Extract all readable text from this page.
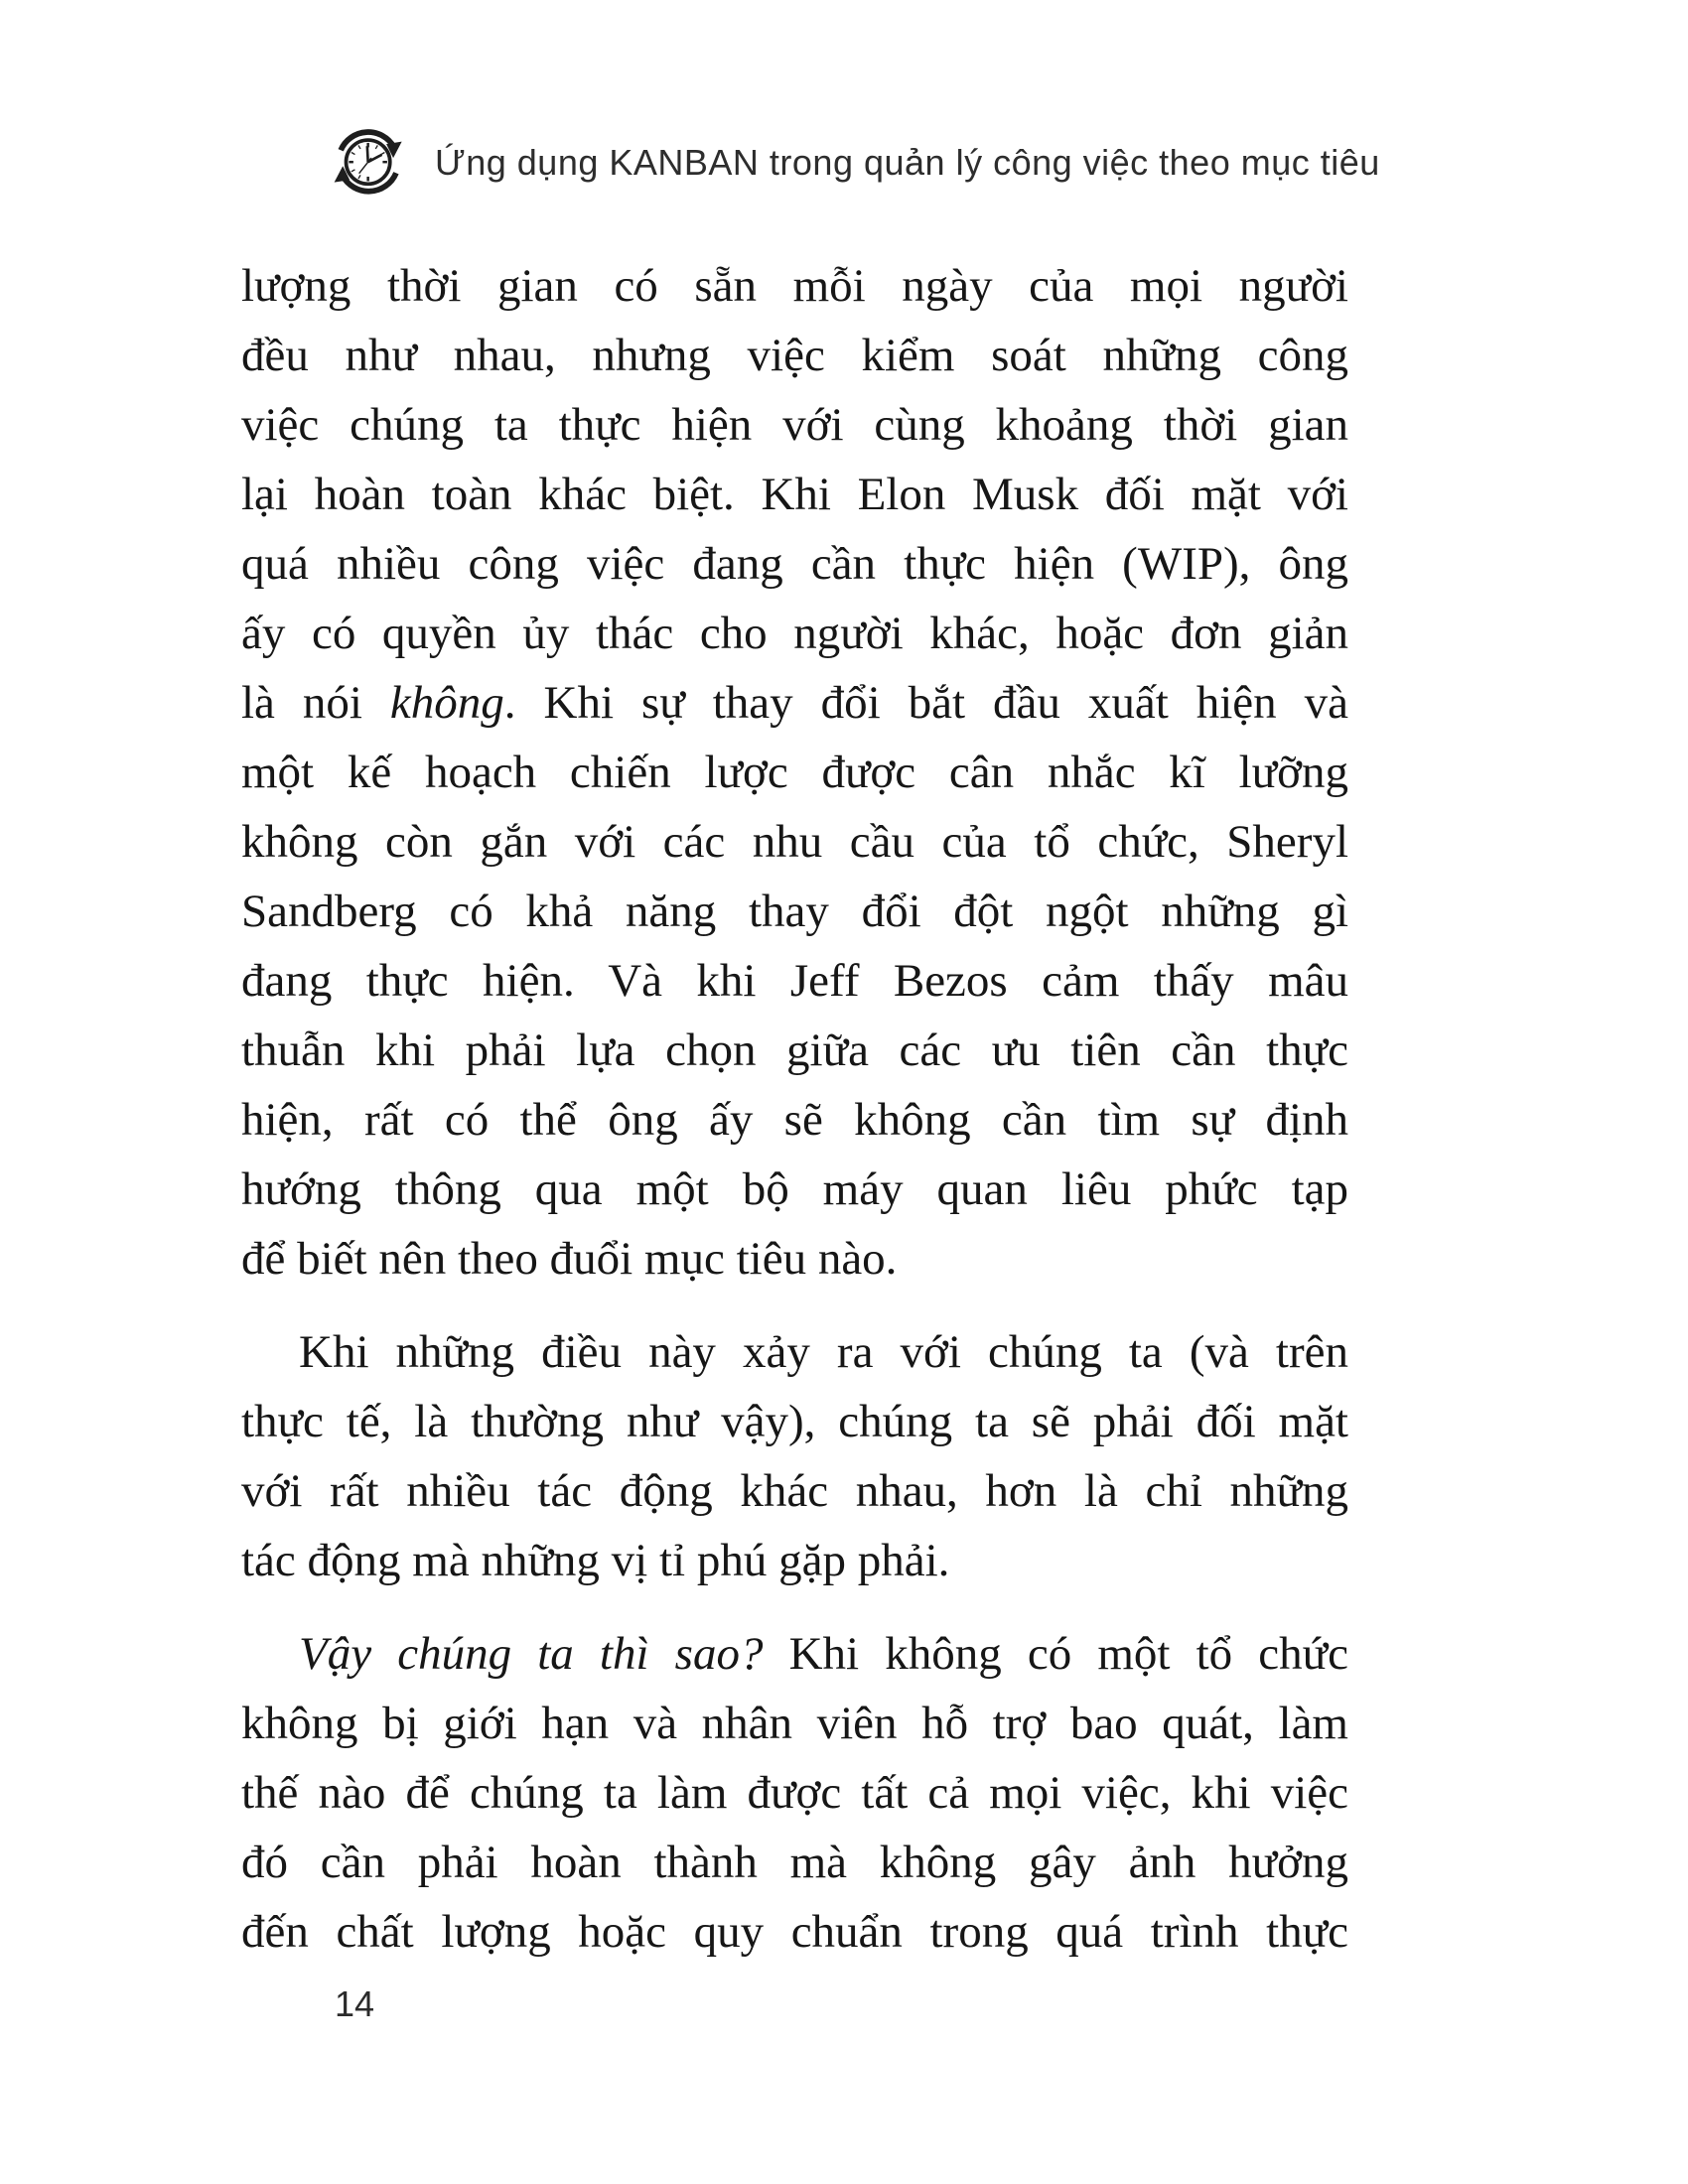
Ứng dụng KANBAN trong quản lý công việc theo mục tiêu
lượng thời gian có sẵn mỗi ngày của mọi người
đều như nhau, nhưng việc kiểm soát những công
việc chúng ta thực hiện với cùng khoảng thời gian
lại hoàn toàn khác biệt. Khi Elon Musk đối mặt với
quá nhiều công việc đang cần thực hiện (WIP), ông
ấy có quyền ủy thác cho người khác, hoặc đơn giản
là nói không. Khi sự thay đổi bắt đầu xuất hiện và
một kế hoạch chiến lược được cân nhắc kĩ lưỡng
không còn gắn với các nhu cầu của tổ chức, Sheryl
Sandberg có khả năng thay đổi đột ngột những gì
đang thực hiện. Và khi Jeff Bezos cảm thấy mâu
thuẫn khi phải lựa chọn giữa các ưu tiên cần thực
hiện, rất có thể ông ấy sẽ không cần tìm sự định
hướng thông qua một bộ máy quan liêu phức tạp
để biết nên theo đuổi mục tiêu nào.
Khi những điều này xảy ra với chúng ta (và trên
thực tế, là thường như vậy), chúng ta sẽ phải đối mặt
với rất nhiều tác động khác nhau, hơn là chỉ những
tác động mà những vị tỉ phú gặp phải.
Vậy chúng ta thì sao? Khi không có một tổ chức
không bị giới hạn và nhân viên hỗ trợ bao quát, làm
thế nào để chúng ta làm được tất cả mọi việc, khi việc
đó cần phải hoàn thành mà không gây ảnh hưởng
đến chất lượng hoặc quy chuẩn trong quá trình thực
14
